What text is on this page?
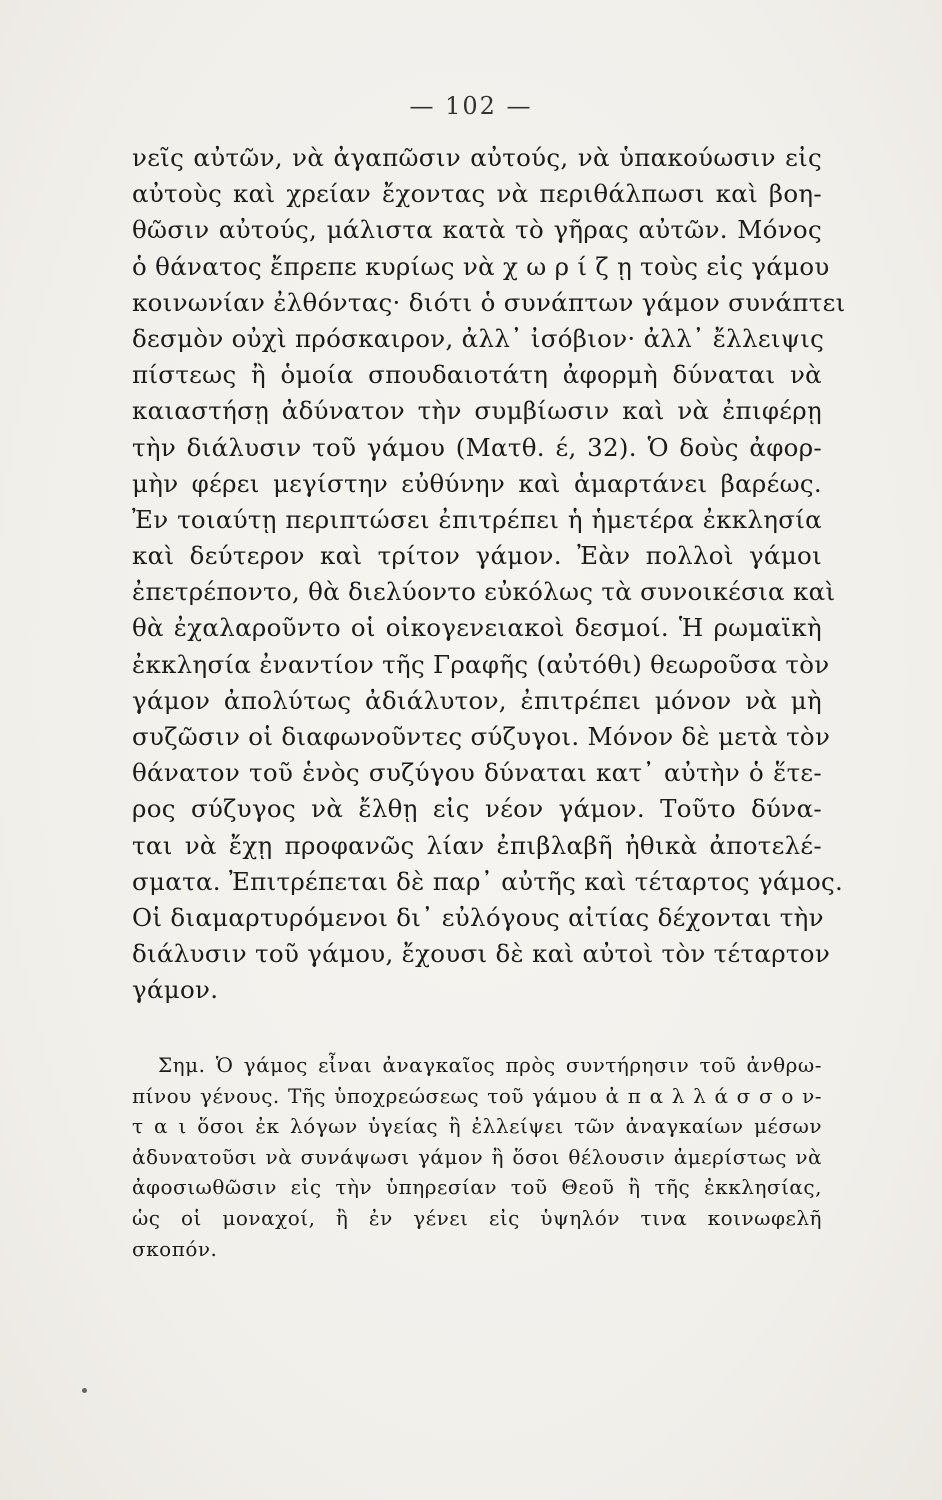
— 102 —
νεῖς αὐτῶν, νὰ ἀγαπῶσιν αὐτούς, νὰ ὑπακούωσιν εἰς
αὐτοὺς καὶ χρείαν ἔχοντας νὰ περιθάλπωσι καὶ βοη-
θῶσιν αὐτούς, μάλιστα κατὰ τὸ γῆρας αὐτῶν. Μόνος
ὁ θάνατος ἔπρεπε κυρίως νὰ χ ω ρ ί ζ ῃ τοὺς εἰς γάμου
κοινωνίαν ἐλθόντας· διότι ὁ συνάπτων γάμον συνάπτει
δεσμὸν οὐχὶ πρόσκαιρον, ἀλλ᾽ ἰσόβιον· ἀλλ᾽ ἔλλειψις
πίστεως ἢ ὁμοία σπουδαιοτάτη ἀφορμὴ δύναται νὰ
καιαστήσῃ ἀδύνατον τὴν συμβίωσιν καὶ νὰ ἐπιφέρῃ
τὴν διάλυσιν τοῦ γάμου (Ματθ. έ, 32). Ὁ δοὺς ἀφορ-
μὴν φέρει μεγίστην εὐθύνην καὶ ἁμαρτάνει βαρέως.
Ἐν τοιαύτῃ περιπτώσει ἐπιτρέπει ἡ ἡμετέρα ἐκκλησία
καὶ δεύτερον καὶ τρίτον γάμον. Ἐὰν πολλοὶ γάμοι
ἐπετρέποντο, θὰ διελύοντο εὐκόλως τὰ συνοικέσια καὶ
θὰ ἐχαλαροῦντο οἱ οἰκογενειακοὶ δεσμοί. Ἡ ρωμαϊκὴ
ἐκκλησία ἐναντίον τῆς Γραφῆς (αὐτόθι) θεωροῦσα τὸν
γάμον ἀπολύτως ἀδιάλυτον, ἐπιτρέπει μόνον νὰ μὴ
συζῶσιν οἱ διαφωνοῦντες σύζυγοι. Μόνον δὲ μετὰ τὸν
θάνατον τοῦ ἑνὸς συζύγου δύναται κατ᾽ αὐτὴν ὁ ἕτε-
ρος σύζυγος νὰ ἔλθῃ εἰς νέον γάμον. Τοῦτο δύνα-
ται νὰ ἔχῃ προφανῶς λίαν ἐπιβλαβῆ ἠθικὰ ἀποτελέ-
σματα. Ἐπιτρέπεται δὲ παρ᾽ αὐτῆς καὶ τέταρτος γάμος.
Οἱ διαμαρτυρόμενοι δι᾽ εὐλόγους αἰτίας δέχονται τὴν
διάλυσιν τοῦ γάμου, ἔχουσι δὲ καὶ αὐτοὶ τὸν τέταρτον
γάμον.
Σημ. Ὁ γάμος εἶναι ἀναγκαῖος πρὸς συντήρησιν τοῦ ἀνθρω-
πίνου γένους. Τῆς ὑποχρεώσεως τοῦ γάμου ἀ π α λ λ ά σ σ ο ν-
τ α ι ὅσοι ἐκ λόγων ὑγείας ἢ ἐλλείψει τῶν ἀναγκαίων μέσων
ἀδυνατοῦσι νὰ συνάψωσι γάμον ἢ ὅσοι θέλουσιν ἀμερίστως νὰ
ἀφοσιωθῶσιν εἰς τὴν ὑπηρεσίαν τοῦ Θεοῦ ἢ τῆς ἐκκλησίας,
ὡς οἱ μοναχοί, ἢ ἐν γένει εἰς ὑψηλόν τινα κοινωφελῆ
σκοπόν.
